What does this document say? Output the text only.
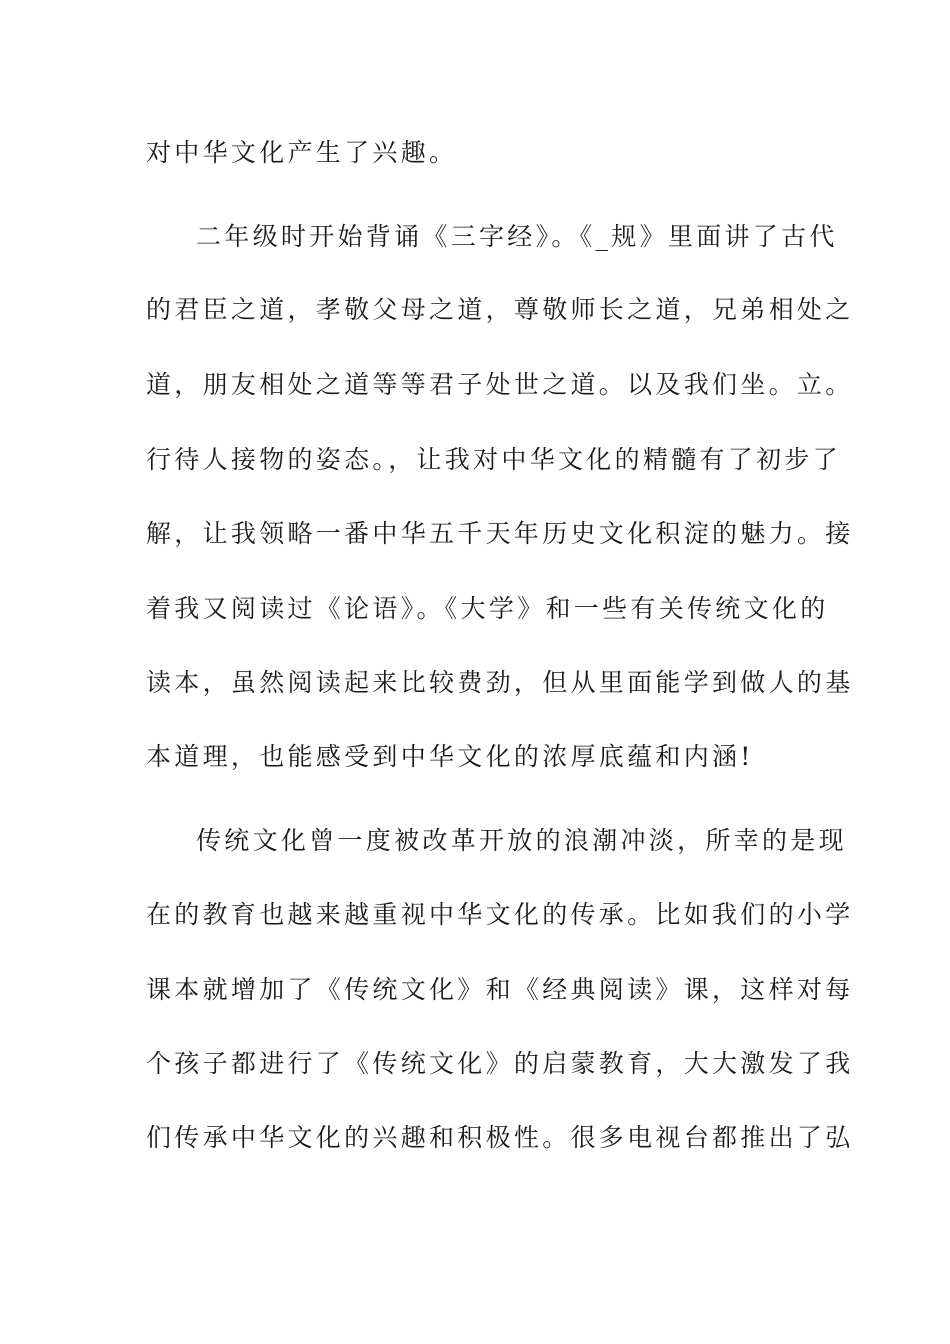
对中华文化产生了兴趣。
二年级时开始背诵《三字经》。《_规》里面讲了古代
的君臣之道，孝敬父母之道，尊敬师长之道，兄弟相处之
道，朋友相处之道等等君子处世之道。以及我们坐。立。
行待人接物的姿态。，让我对中华文化的精髓有了初步了
解，让我领略一番中华五千天年历史文化积淀的魅力。接
着我又阅读过《论语》。《大学》和一些有关传统文化的
读本，虽然阅读起来比较费劲，但从里面能学到做人的基
本道理，也能感受到中华文化的浓厚底蕴和内涵!
传统文化曾一度被改革开放的浪潮冲淡，所幸的是现
在的教育也越来越重视中华文化的传承。比如我们的小学
课本就增加了《传统文化》和《经典阅读》课，这样对每
个孩子都进行了《传统文化》的启蒙教育，大大激发了我
们传承中华文化的兴趣和积极性。很多电视台都推出了弘
